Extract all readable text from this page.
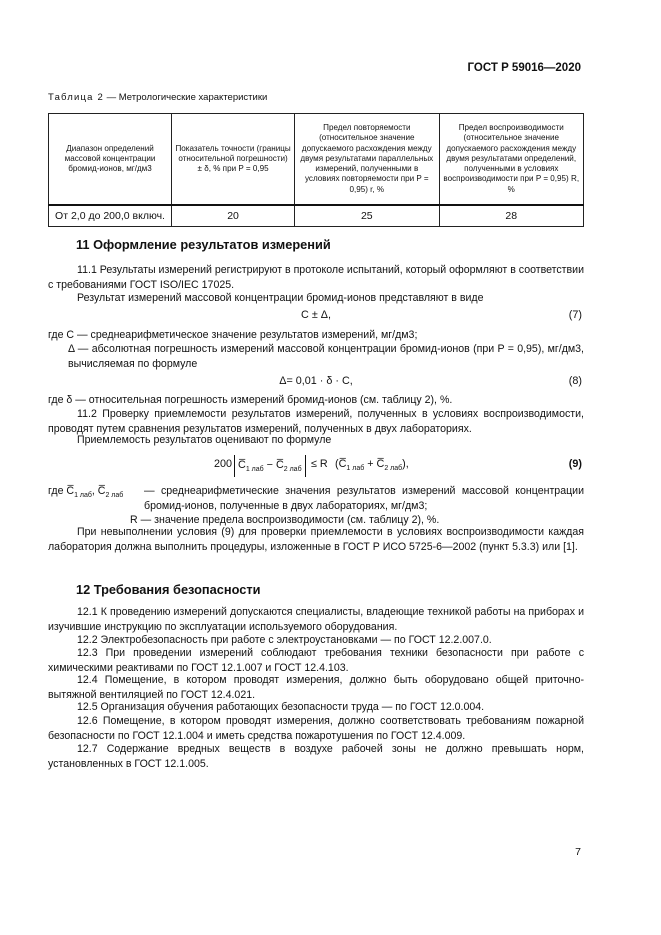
ГОСТ Р 59016—2020
Таблица 2 — Метрологические характеристики
Диапазон определений массовой концентрации бромид-ионов, мг/дм3	Показатель точности (границы относительной погрешности) ± δ, % при P = 0,95	Предел повторяемости (относительное значение допускаемого расхождения между двумя результатами параллельных измерений, полученными в условиях повторяемости при P = 0,95) r, %	Предел воспроизводимости (относительное значение допускаемого расхождения между двумя результатами определений, полученными в условиях воспроизводимости при P = 0,95) R, %
От 2,0 до 200,0 включ.	20	25	28
11 Оформление результатов измерений
11.1 Результаты измерений регистрируют в протоколе испытаний, который оформляют в соответствии с требованиями ГОСТ ISO/IEC 17025.
Результат измерений массовой концентрации бромид-ионов представляют в виде
C ± Δ,	(7)
где C — среднеарифметическое значение результатов измерений, мг/дм3;
Δ — абсолютная погрешность измерений массовой концентрации бромид-ионов (при P = 0,95), мг/дм3, вычисляемая по формуле
Δ= 0,01 · δ · C,	(8)
где δ — относительная погрешность измерений бромид-ионов (см. таблицу 2), %.
11.2 Проверку приемлемости результатов измерений, полученных в условиях воспроизводимости, проводят путем сравнения результатов измерений, полученных в двух лабораториях.
Приемлемость результатов оценивают по формуле
200 $C̅_{1 лаб}$ − $C̅_{2 лаб} \le R$ ($C̅_{1 лаб}$ + $C̅_{2 лаб}$),	(9)
где $C̅_{1 лаб}$, $C̅_{2 лаб}$	— среднеарифметические значения результатов измерений массовой концентрации бромид-ионов, полученные в двух лабораториях, мг/дм3;
R — значение предела воспроизводимости (см. таблицу 2), %.
При невыполнении условия (9) для проверки приемлемости в условиях воспроизводимости каждая лаборатория должна выполнить процедуры, изложенные в ГОСТ Р ИСО 5725-6—2002 (пункт 5.3.3) или [1].
12 Требования безопасности
12.1 К проведению измерений допускаются специалисты, владеющие техникой работы на приборах и изучившие инструкцию по эксплуатации используемого оборудования.
12.2 Электробезопасность при работе с электроустановками — по ГОСТ 12.2.007.0.
12.3 При проведении измерений соблюдают требования техники безопасности при работе с химическими реактивами по ГОСТ 12.1.007 и ГОСТ 12.4.103.
12.4 Помещение, в котором проводят измерения, должно быть оборудовано общей приточно-вытяжной вентиляцией по ГОСТ 12.4.021.
12.5 Организация обучения работающих безопасности труда — по ГОСТ 12.0.004.
12.6 Помещение, в котором проводят измерения, должно соответствовать требованиям пожарной безопасности по ГОСТ 12.1.004 и иметь средства пожаротушения по ГОСТ 12.4.009.
12.7 Содержание вредных веществ в воздухе рабочей зоны не должно превышать норм, установленных в ГОСТ 12.1.005.
7
